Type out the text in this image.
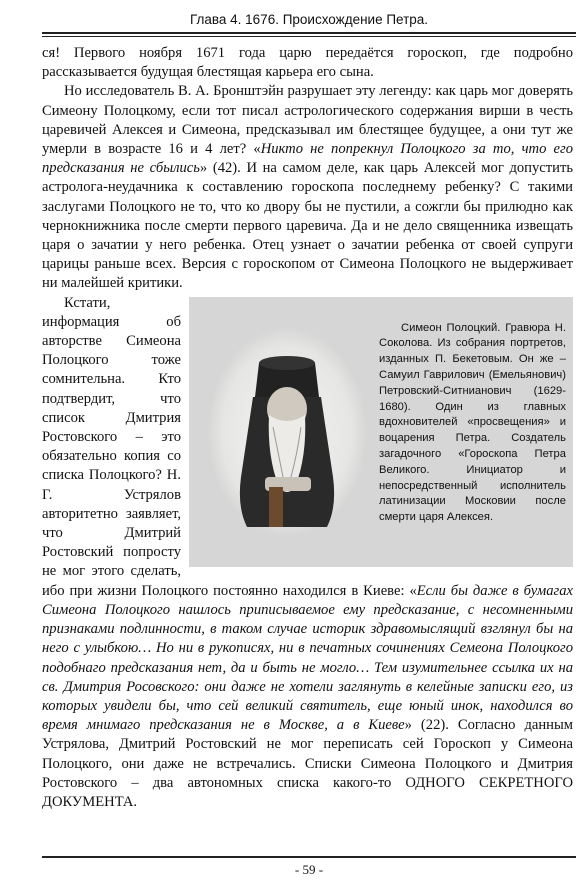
Глава 4. 1676. Происхождение Петра.

ся! Первого ноября 1671 года царю передаётся гороскоп, где подробно рассказывается будущая блестящая карьера его сына.

Но исследователь В. А. Бронштэйн разрушает эту легенду: как царь мог доверять Симеону Полоцкому, если тот писал астрологического содержания вирши в честь царевичей Алексея и Симеона, предсказывал им блестящее будущее, а они тут же умерли в возрасте 16 и 4 лет? «Никто не попрекнул Полоцкого за то, что его предсказания не сбылись» (42). И на самом деле, как царь Алексей мог допустить астролога-неудачника к составлению гороскопа последнему ребенку? С такими заслугами Полоцкого не то, что ко двору бы не пустили, а сожгли бы прилюдно как чернокнижника после смерти первого царевича. Да и не дело священника извещать царя о зачатии у него ребенка. Отец узнает о зачатии ребенка от своей супруги царицы раньше всех. Версия с гороскопом от Симеона Полоцкого не выдерживает ни малейшей критики.

Симеон Полоцкий. Гравюра Н. Соколова. Из собрания портретов, изданных П. Бекетовым. Он же – Самуил Гаврилович (Емельянович) Петровский-Ситнианович (1629-1680). Один из главных вдохновителей «просвещения» и воцарения Петра. Создатель загадочного «Гороскопа Петра Великого. Инициатор и непосредственный исполнитель латинизации Московии после смерти царя Алексея.
Кстати, информация об авторстве Симеона Полоцкого тоже сомнительна. Кто подтвердит, что список Дмитрия Ростовского – это обязательно копия со списка Полоцкого? Н. Г. Устрялов авторитетно заявляет, что Дмитрий Ростовский попросту не мог этого сделать, ибо при жизни Полоцкого постоянно находился в Киеве: «Если бы даже в бумагах Симеона Полоцкого нашлось приписываемое ему предсказание, с несомненными признаками подлинности, в таком случае историк здравомыслящий взглянул бы на него с улыбкою… Но ни в рукописях, ни в печатных сочинениях Семеона Полоцкого подобнаго предсказания нет, да и быть не могло… Тем изумительнее ссылка их на св. Дмитрия Росовского: они даже не хотели заглянуть в келейные записки его, из которых увидели бы, что сей великий святитель, еще юный инок, находился во время мнимаго предсказания не в Москве, а в Киеве» (22). Согласно данным Устрялова, Дмитрий Ростовский не мог переписать сей Гороскоп у Симеона Полоцкого, они даже не встречались. Списки Симеона Полоцкого и Дмитрия Ростовского – два автономных списка какого-то ОДНОГО СЕКРЕТНОГО ДОКУМЕНТА.

- 59 -
